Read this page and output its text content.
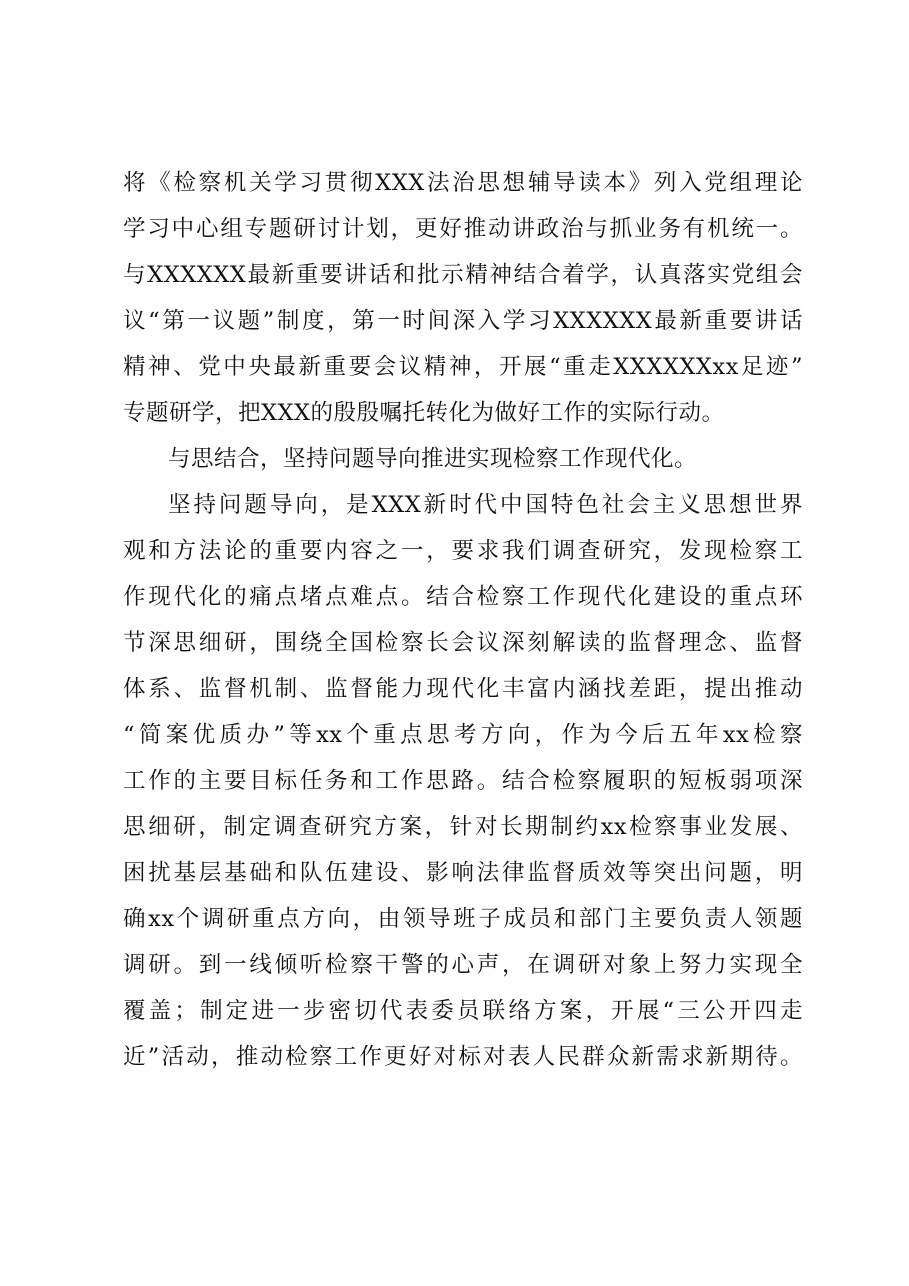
将《检察机关学习贯彻XXX法治思想辅导读本》列入党组理论
学习中心组专题研讨计划，更好推动讲政治与抓业务有机统一。
与XXXXXX最新重要讲话和批示精神结合着学，认真落实党组会
议“第一议题”制度，第一时间深入学习XXXXXX最新重要讲话
精神、党中央最新重要会议精神，开展“重走XXXXXXxx足迹”
专题研学，把XXX的殷殷嘱托转化为做好工作的实际行动。
与思结合，坚持问题导向推进实现检察工作现代化。
坚持问题导向，是XXX新时代中国特色社会主义思想世界
观和方法论的重要内容之一，要求我们调查研究，发现检察工
作现代化的痛点堵点难点。结合检察工作现代化建设的重点环
节深思细研，围绕全国检察长会议深刻解读的监督理念、监督
体系、监督机制、监督能力现代化丰富内涵找差距，提出推动
“简案优质办”等xx个重点思考方向，作为今后五年xx检察
工作的主要目标任务和工作思路。结合检察履职的短板弱项深
思细研，制定调查研究方案，针对长期制约xx检察事业发展、
困扰基层基础和队伍建设、影响法律监督质效等突出问题，明
确xx个调研重点方向，由领导班子成员和部门主要负责人领题
调研。到一线倾听检察干警的心声，在调研对象上努力实现全
覆盖；制定进一步密切代表委员联络方案，开展“三公开四走
近”活动，推动检察工作更好对标对表人民群众新需求新期待。
